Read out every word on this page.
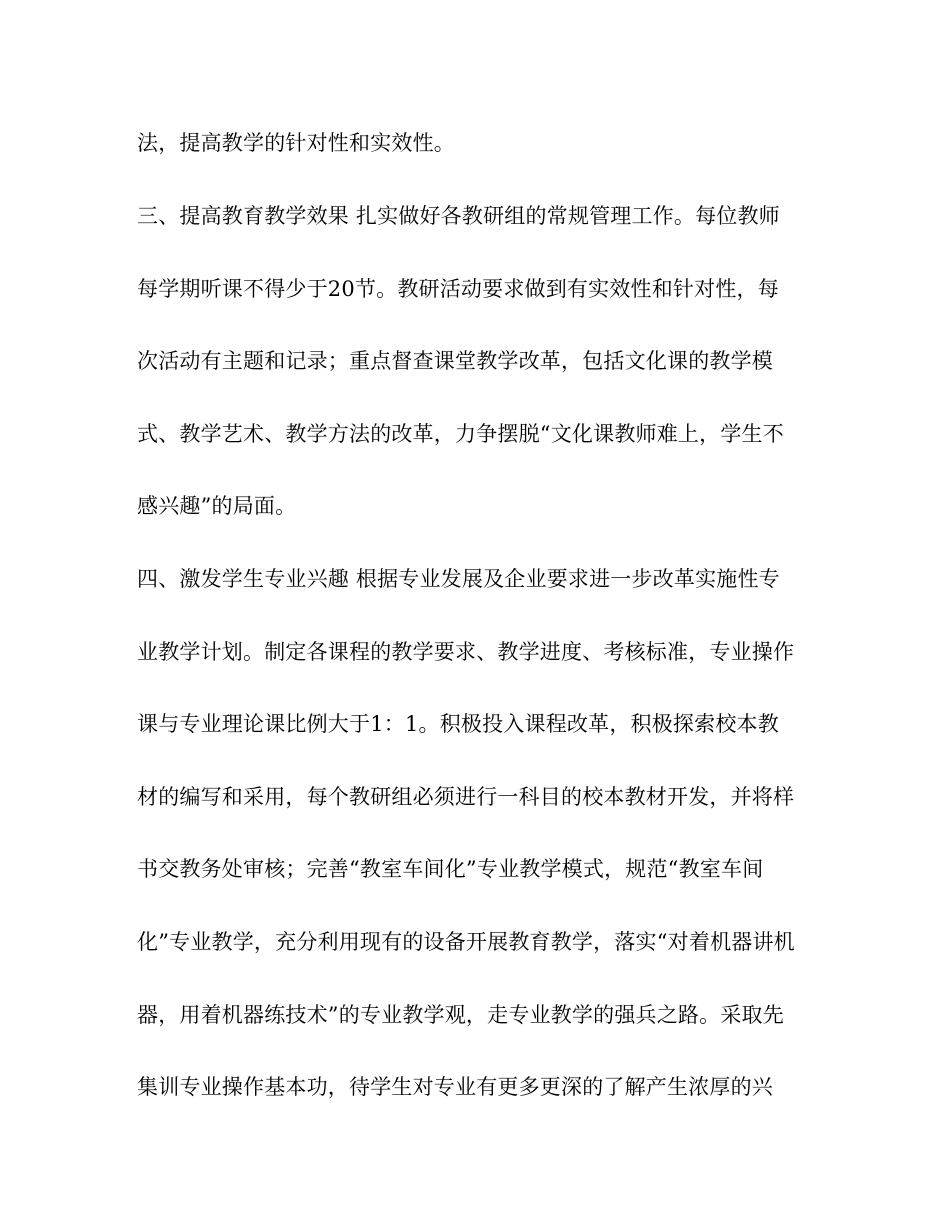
法，提高教学的针对性和实效性。
三、提高教育教学效果 扎实做好各教研组的常规管理工作。每位教师
每学期听课不得少于20节。教研活动要求做到有实效性和针对性，每
次活动有主题和记录；重点督查课堂教学改革，包括文化课的教学模
式、教学艺术、教学方法的改革，力争摆脱“文化课教师难上，学生不
感兴趣”的局面。
四、激发学生专业兴趣 根据专业发展及企业要求进一步改革实施性专
业教学计划。制定各课程的教学要求、教学进度、考核标准，专业操作
课与专业理论课比例大于1：1。积极投入课程改革，积极探索校本教
材的编写和采用，每个教研组必须进行一科目的校本教材开发，并将样
书交教务处审核；完善“教室车间化”专业教学模式，规范“教室车间
化”专业教学，充分利用现有的设备开展教育教学，落实“对着机器讲机
器，用着机器练技术”的专业教学观，走专业教学的强兵之路。采取先
集训专业操作基本功，待学生对专业有更多更深的了解产生浓厚的兴
